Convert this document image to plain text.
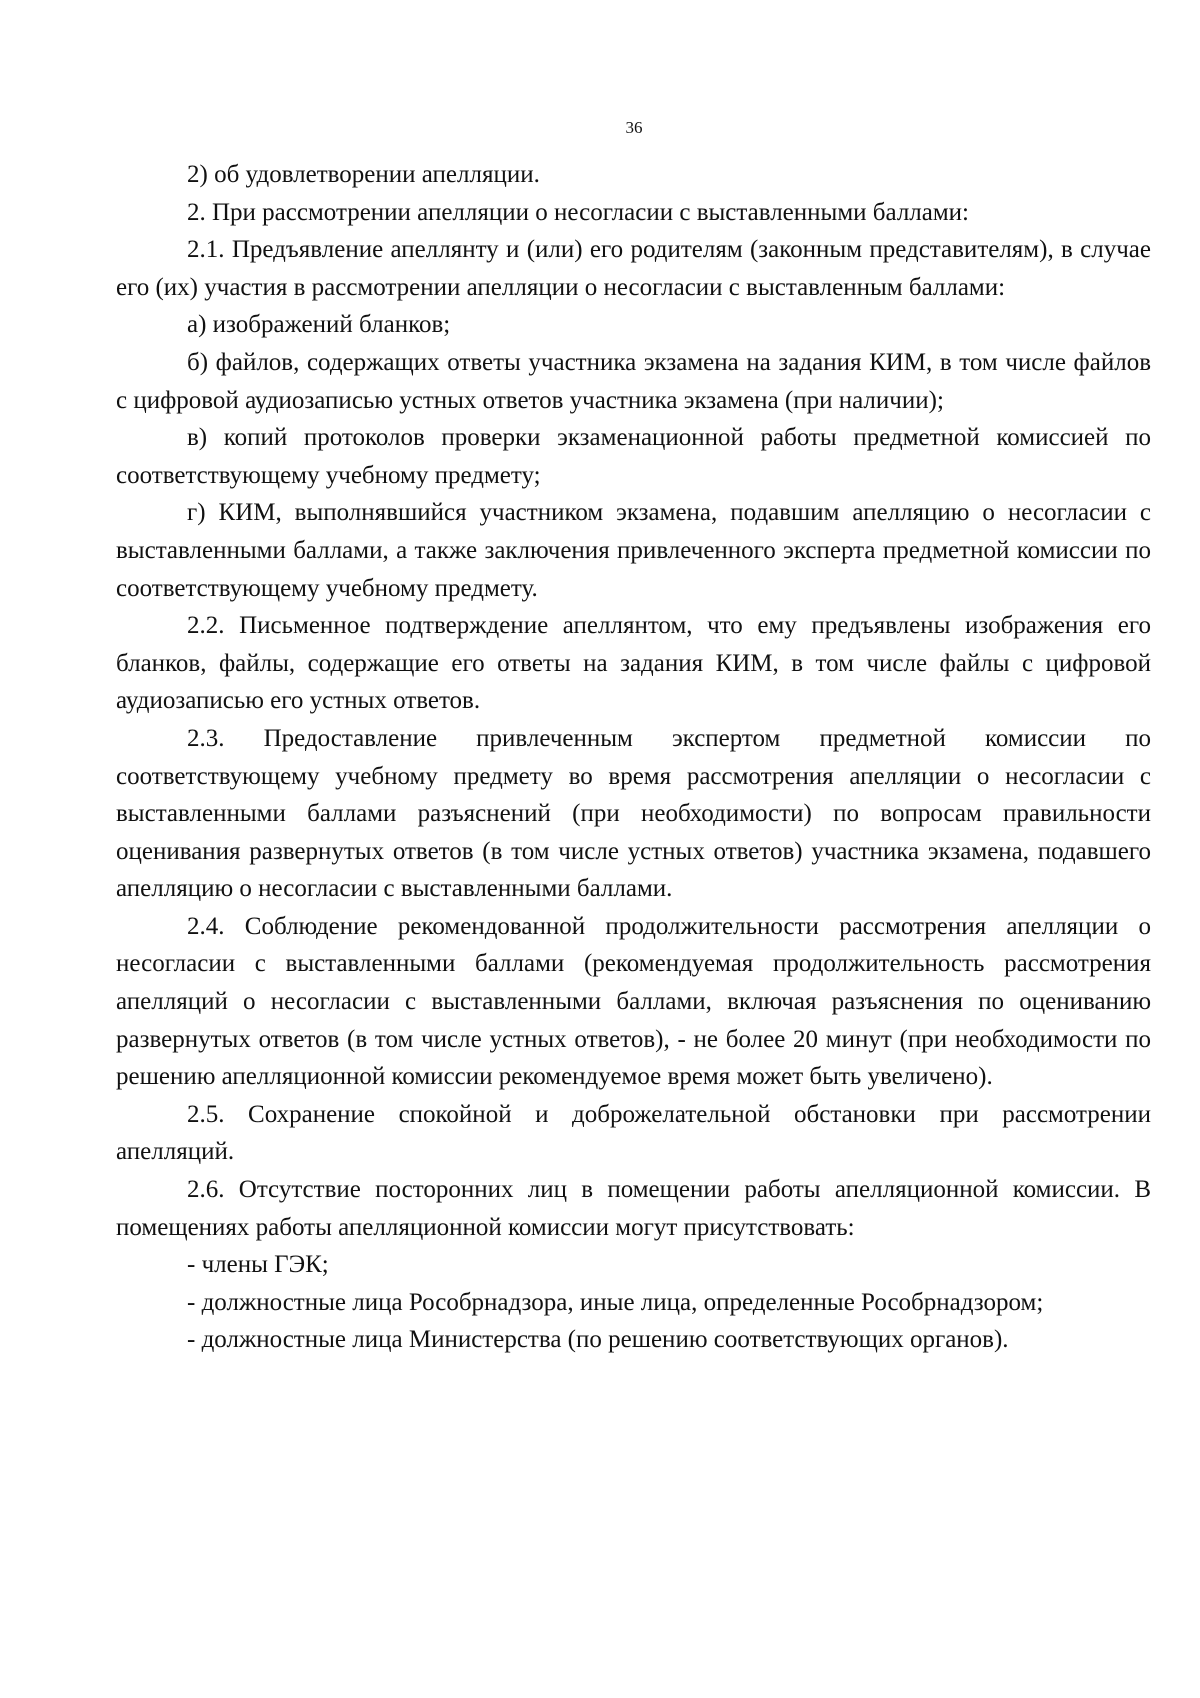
36

2) об удовлетворении апелляции.

2. При рассмотрении апелляции о несогласии с выставленными баллами:

2.1. Предъявление апеллянту и (или) его родителям (законным представителям), в случае его (их) участия в рассмотрении апелляции о несогласии с выставленным баллами:

а) изображений бланков;

б) файлов, содержащих ответы участника экзамена на задания КИМ, в том числе файлов с цифровой аудиозаписью устных ответов участника экзамена (при наличии);

в) копий протоколов проверки экзаменационной работы предметной комиссией по соответствующему учебному предмету;

г) КИМ, выполнявшийся участником экзамена, подавшим апелляцию о несогласии с выставленными баллами, а также заключения привлеченного эксперта предметной комиссии по соответствующему учебному предмету.

2.2. Письменное подтверждение апеллянтом, что ему предъявлены изображения его бланков, файлы, содержащие его ответы на задания КИМ, в том числе файлы с цифровой аудиозаписью его устных ответов.

2.3. Предоставление привлеченным экспертом предметной комиссии по соответствующему учебному предмету во время рассмотрения апелляции о несогласии с выставленными баллами разъяснений (при необходимости) по вопросам правильности оценивания развернутых ответов (в том числе устных ответов) участника экзамена, подавшего апелляцию о несогласии с выставленными баллами.

2.4. Соблюдение рекомендованной продолжительности рассмотрения апелляции о несогласии с выставленными баллами (рекомендуемая продолжительность рассмотрения апелляций о несогласии с выставленными баллами, включая разъяснения по оцениванию развернутых ответов (в том числе устных ответов), - не более 20 минут (при необходимости по решению апелляционной комиссии рекомендуемое время может быть увеличено).

2.5. Сохранение спокойной и доброжелательной обстановки при рассмотрении апелляций.

2.6. Отсутствие посторонних лиц в помещении работы апелляционной комиссии. В помещениях работы апелляционной комиссии могут присутствовать:

- члены ГЭК;

- должностные лица Рособрнадзора, иные лица, определенные Рособрнадзором;

- должностные лица Министерства (по решению соответствующих органов).
